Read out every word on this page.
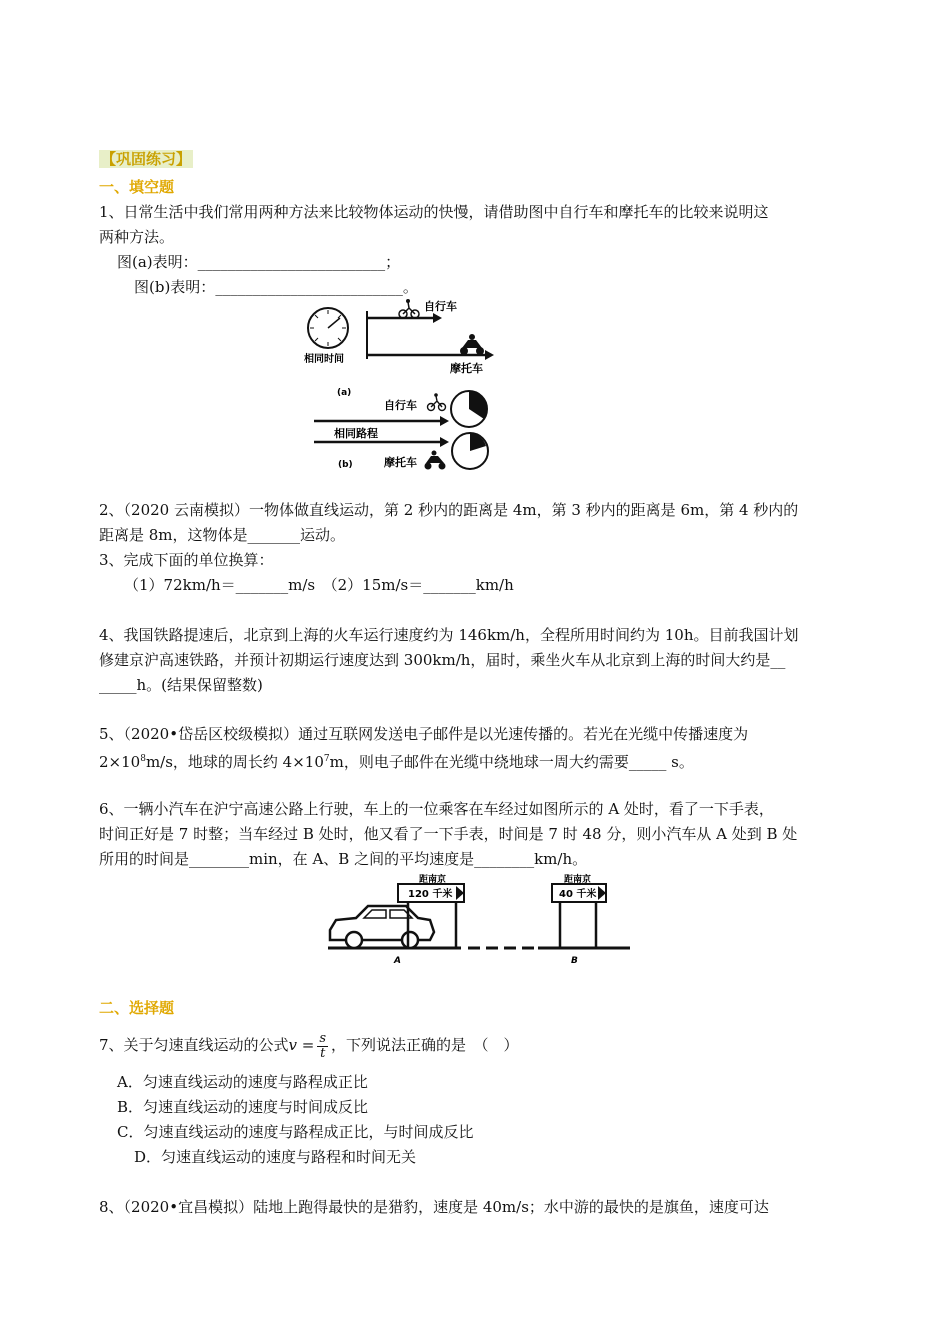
【巩固练习】
一、填空题
1、日常生活中我们常用两种方法来比较物体运动的快慢，请借助图中自行车和摩托车的比较来说明这
两种方法。
图(a)表明：_________________________；
图(b)表明：_________________________。
相同时间
自行车
摩托车
(a)
自行车
相同路程
摩托车
(b)
2、（2020 云南模拟）一物体做直线运动，第 2 秒内的距离是 4m，第 3 秒内的距离是 6m，第 4 秒内的
距离是 8m，这物体是_______运动。
3、完成下面的单位换算：
（1）72km/h＝_______m/s　（2）15m/s＝_______km/h
4、我国铁路提速后，北京到上海的火车运行速度约为 146km/h，全程所用时间约为 10h。目前我国计划
修建京沪高速铁路，并预计初期运行速度达到 300km/h，届时，乘坐火车从北京到上海的时间大约是__
_____h。(结果保留整数)
5、（2020•岱岳区校级模拟）通过互联网发送电子邮件是以光速传播的。若光在光缆中传播速度为
$2\times 10^8m/s$，地球的周长约 $4\times 10^7m$，则电子邮件在光缆中绕地球一周大约需要_____ s。
6、一辆小汽车在沪宁高速公路上行驶，车上的一位乘客在车经过如图所示的 A 处时，看了一下手表，
时间正好是 7 时整；当车经过 B 处时，他又看了一下手表，时间是 7 时 48 分，则小汽车从 A 处到 B 处
所用的时间是________min，在 A、B 之间的平均速度是________km/h。
距南京
120 千米
距南京
40 千米
A	B
二、选择题
7、关于匀速直线运动的公式$v = \frac{s}{t}$ ，下列说法正确的是　（　）
A．匀速直线运动的速度与路程成正比
B．匀速直线运动的速度与时间成反比
C．匀速直线运动的速度与路程成正比，与时间成反比
D．匀速直线运动的速度与路程和时间无关
8、（2020•宜昌模拟）陆地上跑得最快的是猎豹，速度是 40m/s；水中游的最快的是旗鱼，速度可达
